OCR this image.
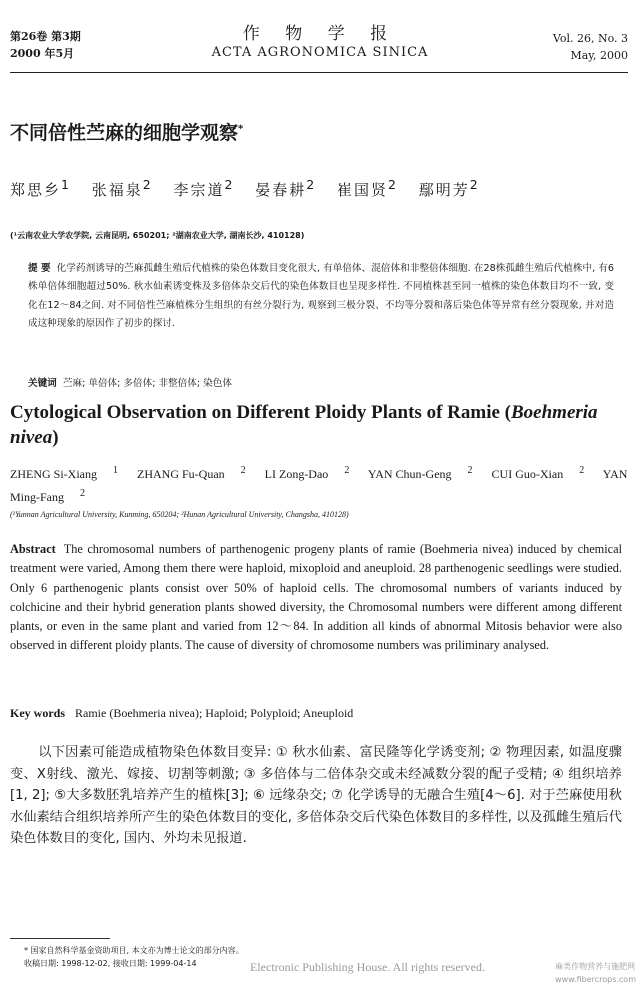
第26卷 第3期
2000 年5月
作 物 学 报
ACTA AGRONOMICA SINICA
Vol. 26, No. 3
May, 2000
不同倍性苎麻的细胞学观察*
郑思乡$^1$ 张福泉$^2$ 李宗道$^2$ 晏春耕$^2$ 崔国贤$^2$ 鄢明芳$^2$
(¹云南农业大学农学院, 云南昆明, 650201; ²湖南农业大学, 湖南长沙, 410128)
提 要 化学药剂诱导的苎麻孤雌生殖后代植株的染色体数目变化很大, 有单倍体、混倍体和非整倍体细胞. 在28株孤雌生殖后代植株中, 有6株单倍体细胞超过50%. 秋水仙素诱变株及多倍体杂交后代的染色体数目也呈现多样性. 不同植株甚至同一植株的染色体数目均不一致, 变化在12～84之间. 对不同倍性苎麻植株分生组织的有丝分裂行为, 观察到三极分裂、不均等分裂和落后染色体等异常有丝分裂现象, 并对造成这种现象的原因作了初步的探讨.
关键词 苎麻; 单倍体; 多倍体; 非整倍体; 染色体
Cytological Observation on Different Ploidy Plants of Ramie (Boehmeria nivea)
ZHENG Si-Xiang $^1$ ZHANG Fu-Quan $^2$ LI Zong-Dao $^2$ YAN Chun-Geng $^2$ CUI Guo-Xian $^2$ YAN Ming-Fang $^2$
(¹Yunnan Agricultural University, Kunming, 650204; ²Hunan Agricultural University, Changsha, 410128)
Abstract The chromosomal numbers of parthenogenic progeny plants of ramie (Boehmeria nivea) induced by chemical treatment were varied, Among them there were haploid, mixoploid and aneuploid. 28 parthenogenic seedlings were studied. Only 6 parthenogenic plants consist over 50% of haploid cells. The chromosomal numbers of variants induced by colchicine and their hybrid generation plants showed diversity, the Chromosomal numbers were different among different plants, or even in the same plant and varied from 12～84. In addition all kinds of abnormal Mitosis behavior were also observed in different ploidy plants. The cause of diversity of chromosome numbers was priliminary analysed.
Key words Ramie (Boehmeria nivea); Haploid; Polyploid; Aneuploid
以下因素可能造成植物染色体数目变异: ① 秋水仙素、富民隆等化学诱变剂; ② 物理因素, 如温度骤变、X射线、激光、嫁接、切割等刺激; ③ 多倍体与二倍体杂交或未经减数分裂的配子受精; ④ 组织培养[1, 2]; ⑤大多数胚乳培养产生的植株[3]; ⑥ 远缘杂交; ⑦ 化学诱导的无融合生殖[4～6]. 对于苎麻使用秋水仙素结合组织培养所产生的染色体数目的变化, 多倍体杂交后代染色体数目的多样性, 以及孤雌生殖后代染色体数目的变化, 国内、外均未见报道.
* 国家自然科学基金资助项目, 本文亦为博士论文的部分内容。
收稿日期: 1998-12-02, 接收日期: 1999-04-14	Electronic Publishing House. All rights reserved.	麻类作物营养与施肥网
www.fibercrops.com
